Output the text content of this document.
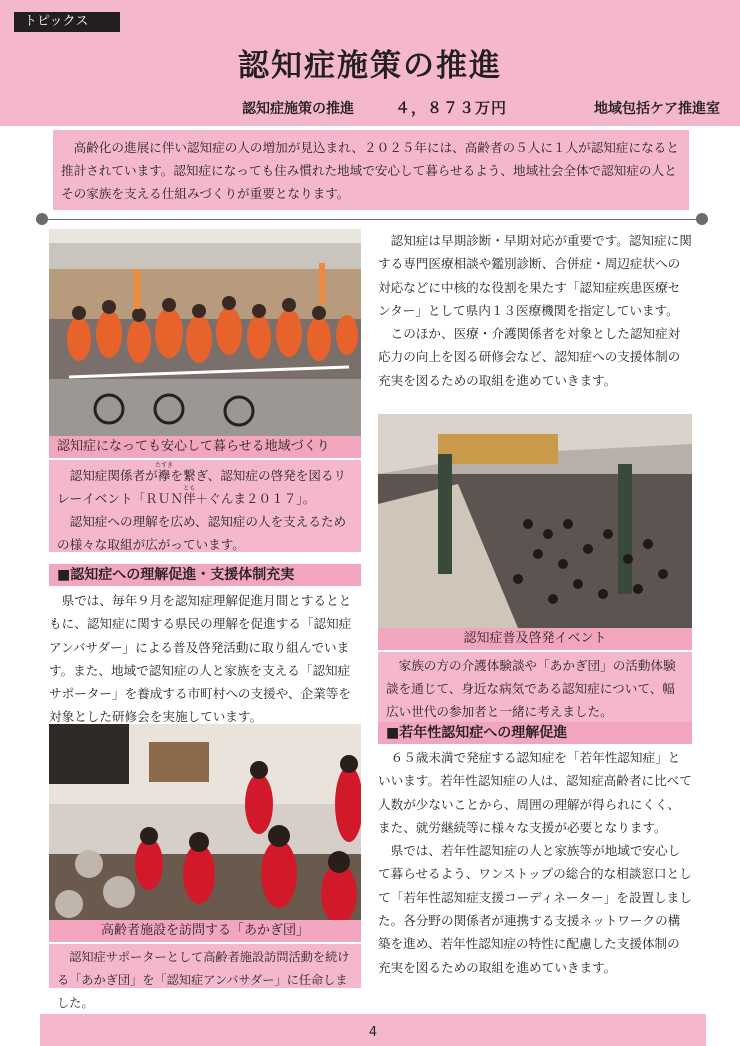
トピックス
認知症施策の推進
認知症施策の推進	４，８７３万円	地域包括ケア推進室

高齢化の進展に伴い認知症の人の増加が見込まれ、２０２５年には、高齢者の５人に１人が認知症になると推計されています。認知症になっても住み慣れた地域で安心して暮らせるよう、地域社会全体で認知症の人とその家族を支える仕組みづくりが重要となります。

認知症になっても安心して暮らせる地域づくり

認知症関係者が襷たすきを繋ぎ、認知症の啓発を図るリレーイベント「ＲＵＮ伴とも＋ぐんま２０１７」。

認知症への理解を広め、認知症の人を支えるための様々な取組が広がっています。

■認知症への理解促進・支援体制充実

県では、毎年９月を認知症理解促進月間とするとともに、認知症に関する県民の理解を促進する「認知症アンバサダー」による普及啓発活動に取り組んでいます。また、地域で認知症の人と家族を支える「認知症サポーター」を養成する市町村への支援や、企業等を対象とした研修会を実施しています。

高齢者施設を訪問する「あかぎ団」

認知症サポーターとして高齢者施設訪問活動を続ける「あかぎ団」を「認知症アンバサダー」に任命しました。

認知症は早期診断・早期対応が重要です。認知症に関する専門医療相談や鑑別診断、合併症・周辺症状への対応などに中核的な役割を果たす「認知症疾患医療センター」として県内１３医療機関を指定しています。

このほか、医療・介護関係者を対象とした認知症対応力の向上を図る研修会など、認知症への支援体制の充実を図るための取組を進めていきます。

認知症普及啓発イベント

家族の方の介護体験談や「あかぎ団」の活動体験談を通じて、身近な病気である認知症について、幅広い世代の参加者と一緒に考えました。

■若年性認知症への理解促進

６５歳未満で発症する認知症を「若年性認知症」といいます。若年性認知症の人は、認知症高齢者に比べて人数が少ないことから、周囲の理解が得られにくく、また、就労継続等に様々な支援が必要となります。

県では、若年性認知症の人と家族等が地域で安心して暮らせるよう、ワンストップの総合的な相談窓口として「若年性認知症支援コーディネーター」を設置しました。各分野の関係者が連携する支援ネットワークの構築を進め、若年性認知症の特性に配慮した支援体制の充実を図るための取組を進めていきます。

4
